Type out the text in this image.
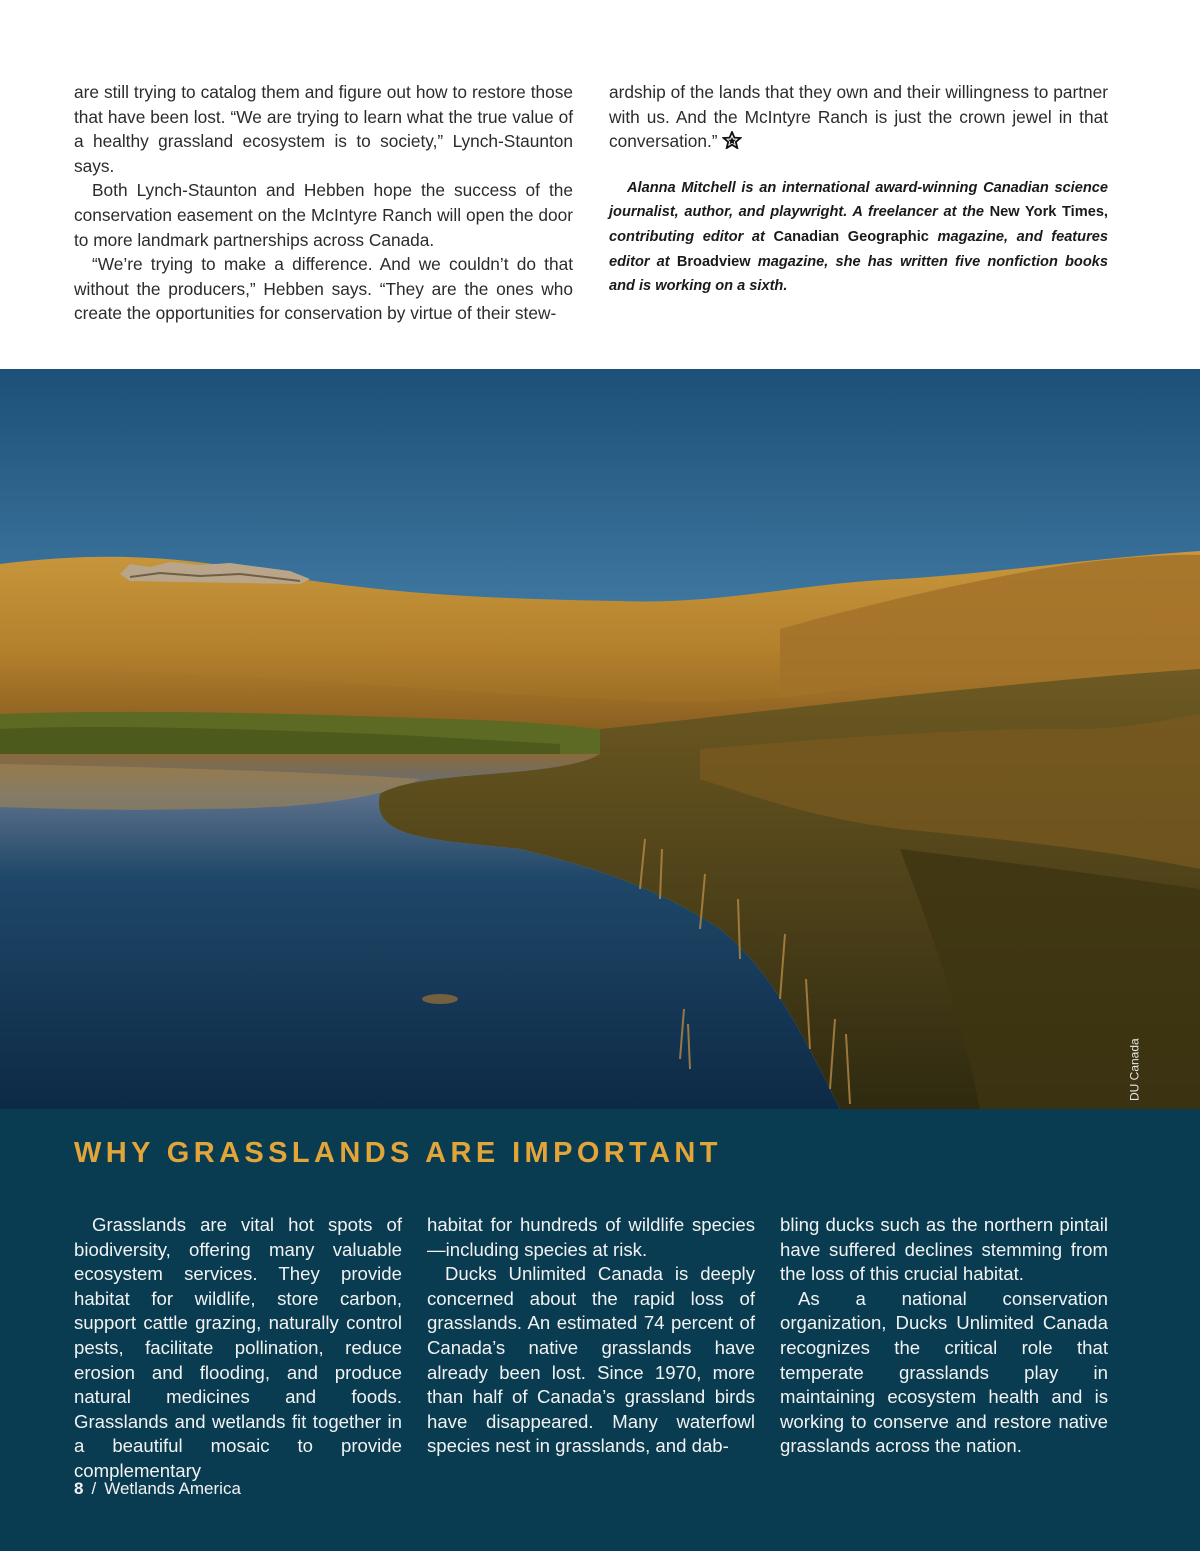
are still trying to catalog them and figure out how to restore those that have been lost. “We are trying to learn what the true value of a healthy grassland ecosystem is to society,” Lynch-Staunton says.

Both Lynch-Staunton and Hebben hope the success of the conservation easement on the McIntyre Ranch will open the door to more landmark partnerships across Canada.

“We’re trying to make a difference. And we couldn’t do that without the producers,” Hebben says. “They are the ones who create the opportunities for conservation by virtue of their stew-

ardship of the lands that they own and their willingness to partner with us. And the McIntyre Ranch is just the crown jewel in that conversation.”

Alanna Mitchell is an international award-winning Canadian science journalist, author, and playwright. A freelancer at the New York Times, contributing editor at Canadian Geographic magazine, and features editor at Broadview magazine, she has written five nonfiction books and is working on a sixth.

DU Canada
WHY GRASSLANDS ARE IMPORTANT

Grasslands are vital hot spots of biodiversity, offering many valuable ecosystem services. They provide habitat for wildlife, store carbon, support cattle grazing, naturally control pests, facilitate pollination, reduce erosion and flooding, and produce natural medicines and foods. Grasslands and wetlands fit together in a beautiful mosaic to provide complementary

habitat for hundreds of wildlife species—including species at risk.

Ducks Unlimited Canada is deeply concerned about the rapid loss of grasslands. An estimated 74 percent of Canada’s native grasslands have already been lost. Since 1970, more than half of Canada’s grassland birds have disappeared. Many waterfowl species nest in grasslands, and dab-

bling ducks such as the northern pintail have suffered declines stemming from the loss of this crucial habitat.

As a national conservation organization, Ducks Unlimited Canada recognizes the critical role that temperate grasslands play in maintaining ecosystem health and is working to conserve and restore native grasslands across the nation.

8 / Wetlands America
